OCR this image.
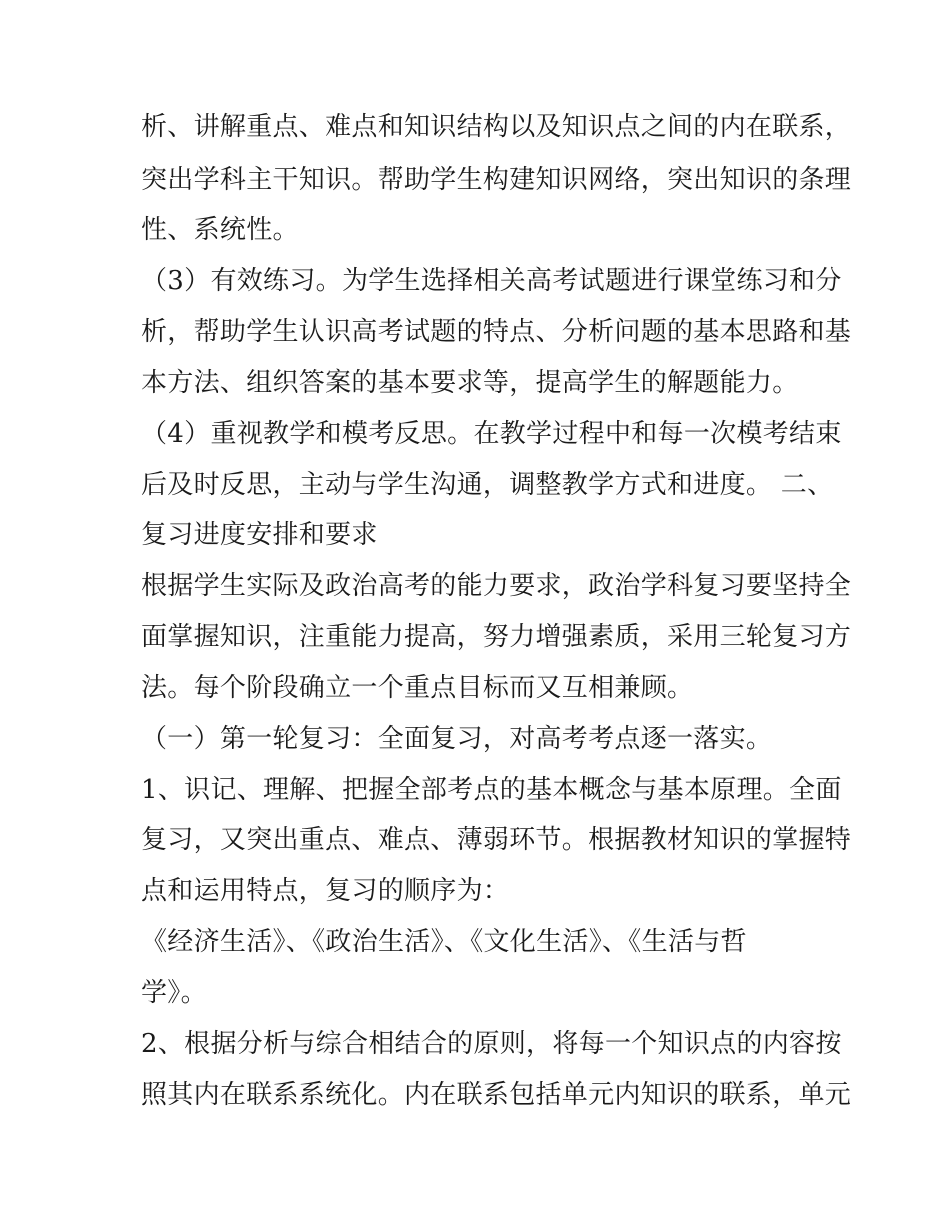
析、讲解重点、难点和知识结构以及知识点之间的内在联系，

突出学科主干知识。帮助学生构建知识网络，突出知识的条理

性、系统性。

（3）有效练习。为学生选择相关高考试题进行课堂练习和分

析，帮助学生认识高考试题的特点、分析问题的基本思路和基

本方法、组织答案的基本要求等，提高学生的解题能力。

（4）重视教学和模考反思。在教学过程中和每一次模考结束

后及时反思，主动与学生沟通，调整教学方式和进度。 二、

复习进度安排和要求

根据学生实际及政治高考的能力要求，政治学科复习要坚持全

面掌握知识，注重能力提高，努力增强素质，采用三轮复习方

法。每个阶段确立一个重点目标而又互相兼顾。

（一）第一轮复习：全面复习，对高考考点逐一落实。

1、识记、理解、把握全部考点的基本概念与基本原理。全面

复习，又突出重点、难点、薄弱环节。根据教材知识的掌握特

点和运用特点，复习的顺序为：

《经济生活》、《政治生活》、《文化生活》、《生活与哲

学》。

2、根据分析与综合相结合的原则，将每一个知识点的内容按

照其内在联系系统化。内在联系包括单元内知识的联系，单元
